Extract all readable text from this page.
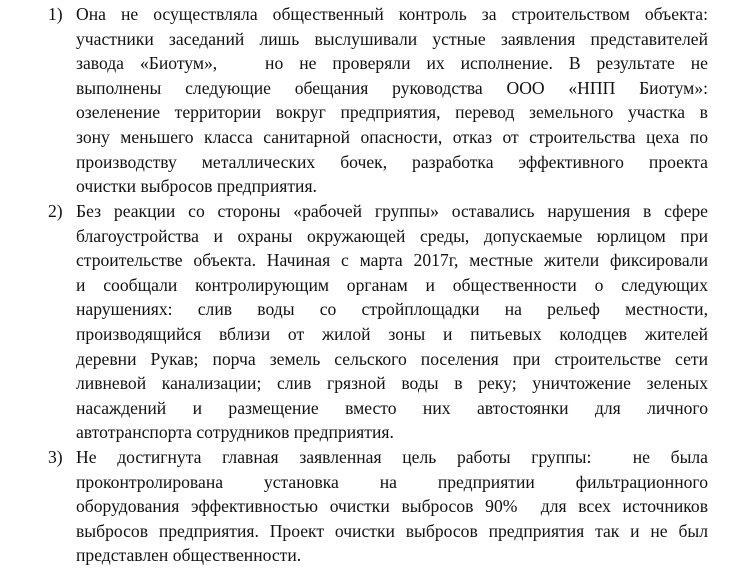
1) Она не осуществляла общественный контроль за строительством объекта:
участники заседаний лишь выслушивали устные заявления представителей
завода «Биотум»,   но не проверяли их исполнение. В результате не
выполнены следующие обещания руководства ООО «НПП Биотум»:
озеленение территории вокруг предприятия, перевод земельного участка в
зону меньшего класса санитарной опасности, отказ от строительства цеха по
производству металлических бочек, разработка эффективного проекта
очистки выбросов предприятия.
2) Без реакции со стороны «рабочей группы» оставались нарушения в сфере
благоустройства и охраны окружающей среды, допускаемые юрлицом при
строительстве объекта. Начиная с марта 2017г, местные жители фиксировали
и сообщали контролирующим органам и общественности о следующих
нарушениях: слив воды со стройплощадки на рельеф местности,
производящийся вблизи от жилой зоны и питьевых колодцев жителей
деревни Рукав; порча земель сельского поселения при строительстве сети
ливневой канализации; слив грязной воды в реку; уничтожение зеленых
насаждений и размещение вместо них автостоянки для личного
автотранспорта сотрудников предприятия.
3) Не достигнута главная заявленная цель работы группы:  не была
проконтролирована установка на предприятии фильтрационного
оборудования эффективностью очистки выбросов 90%  для всех источников
выбросов предприятия. Проект очистки выбросов предприятия так и не был
представлен общественности.
